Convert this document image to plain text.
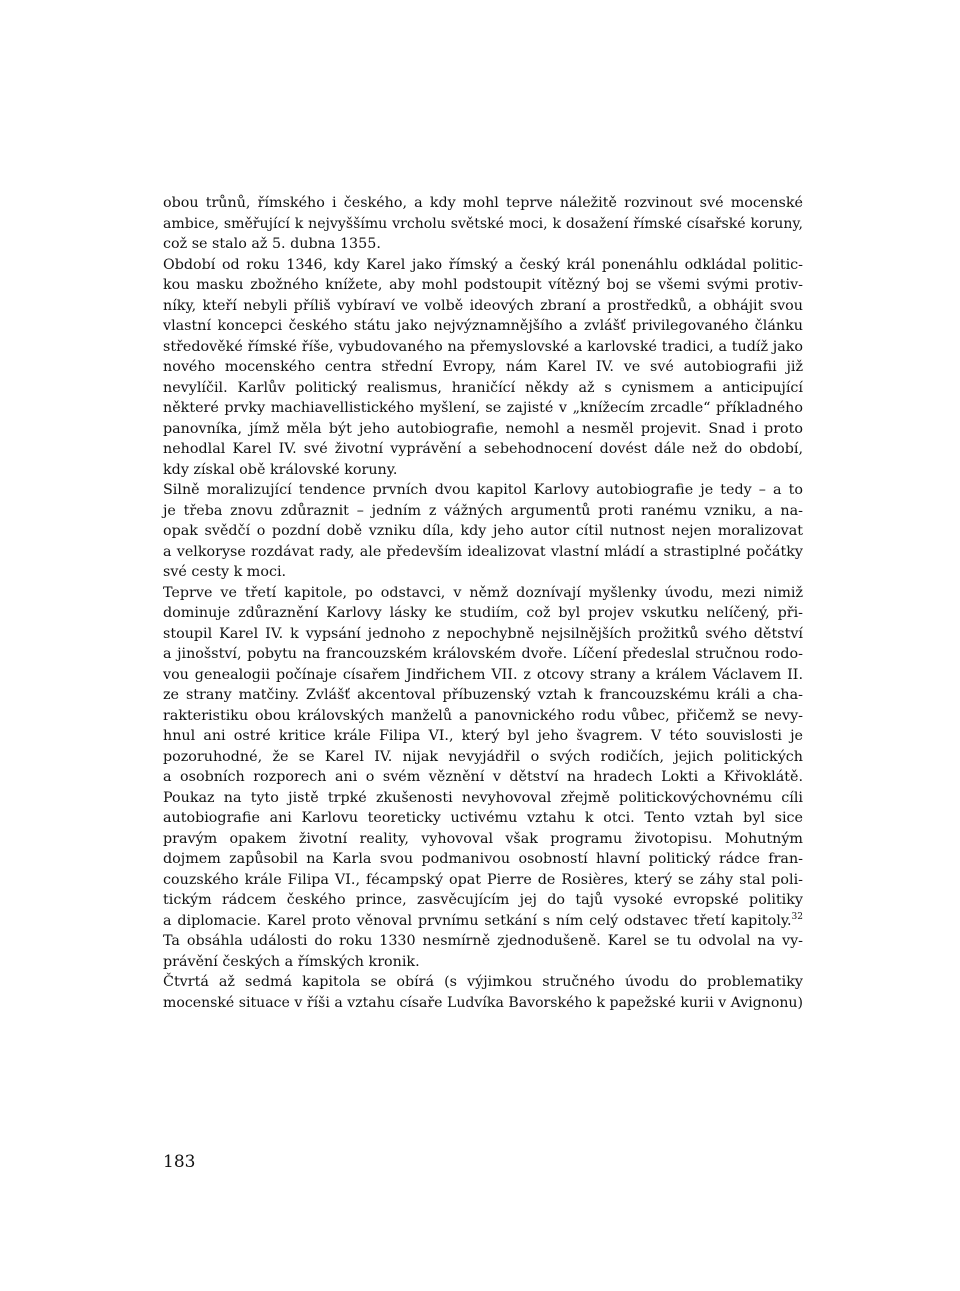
obou trůnů, římského i českého, a kdy mohl teprve náležitě rozvinout své mocenské
ambice, směřující k nejvyššímu vrcholu světské moci, k dosažení římské císařské koruny,
což se stalo až 5. dubna 1355.
Období od roku 1346, kdy Karel jako římský a český král ponenáhlu odkládal politic-
kou masku zbožného knížete, aby mohl podstoupit vítězný boj se všemi svými protiv-
níky, kteří nebyli příliš vybíraví ve volbě ideových zbraní a prostředků, a obhájit svou
vlastní koncepci českého státu jako nejvýznamnějšího a zvlášť privilegovaného článku
středověké římské říše, vybudovaného na přemyslovské a karlovské tradici, a tudíž jako
nového mocenského centra střední Evropy, nám Karel IV. ve své autobiografii již
nevylíčil. Karlův politický realismus, hraničící někdy až s cynismem a anticipující
některé prvky machiavellistického myšlení, se zajisté v „knížecím zrcadle“ příkladného
panovníka, jímž měla být jeho autobiografie, nemohl a nesměl projevit. Snad i proto
nehodlal Karel IV. své životní vyprávění a sebehodnocení dovést dále než do období,
kdy získal obě královské koruny.
Silně moralizující tendence prvních dvou kapitol Karlovy autobiografie je tedy – a to
je třeba znovu zdůraznit – jedním z vážných argumentů proti ranému vzniku, a na-
opak svědčí o pozdní době vzniku díla, kdy jeho autor cítil nutnost nejen moralizovat
a velkoryse rozdávat rady, ale především idealizovat vlastní mládí a strastiplné počátky
své cesty k moci.
Teprve ve třetí kapitole, po odstavci, v němž doznívají myšlenky úvodu, mezi nimiž
dominuje zdůraznění Karlovy lásky ke studiím, což byl projev vskutku nelíčený, při-
stoupil Karel IV. k vypsání jednoho z nepochybně nejsilnějších prožitků svého dětství
a jinošství, pobytu na francouzském královském dvoře. Líčení předeslal stručnou rodo-
vou genealogii počínaje císařem Jindřichem VII. z otcovy strany a králem Václavem II.
ze strany matčiny. Zvlášť akcentoval příbuzenský vztah k francouzskému králi a cha-
rakteristiku obou královských manželů a panovnického rodu vůbec, přičemž se nevy-
hnul ani ostré kritice krále Filipa VI., který byl jeho švagrem. V této souvislosti je
pozoruhodné, že se Karel IV. nijak nevyjádřil o svých rodičích, jejich politických
a osobních rozporech ani o svém věznění v dětství na hradech Lokti a Křivoklátě.
Poukaz na tyto jistě trpké zkušenosti nevyhovoval zřejmě politickovýchovnému cíli
autobiografie ani Karlovu teoreticky uctivému vztahu k otci. Tento vztah byl sice
pravým opakem životní reality, vyhovoval však programu životopisu. Mohutným
dojmem zapůsobil na Karla svou podmanivou osobností hlavní politický rádce fran-
couzského krále Filipa VI., fécampský opat Pierre de Rosières, který se záhy stal poli-
tickým rádcem českého prince, zasvěcujícím jej do tajů vysoké evropské politiky
a diplomacie. Karel proto věnoval prvnímu setkání s ním celý odstavec třetí kapitoly.$^{32}$
Ta obsáhla události do roku 1330 nesmírně zjednodušeně. Karel se tu odvolal na vy-
právění českých a římských kronik.
Čtvrtá až sedmá kapitola se obírá (s výjimkou stručného úvodu do problematiky
mocenské situace v říši a vztahu císaře Ludvíka Bavorského k papežské kurii v Avignonu)
183
